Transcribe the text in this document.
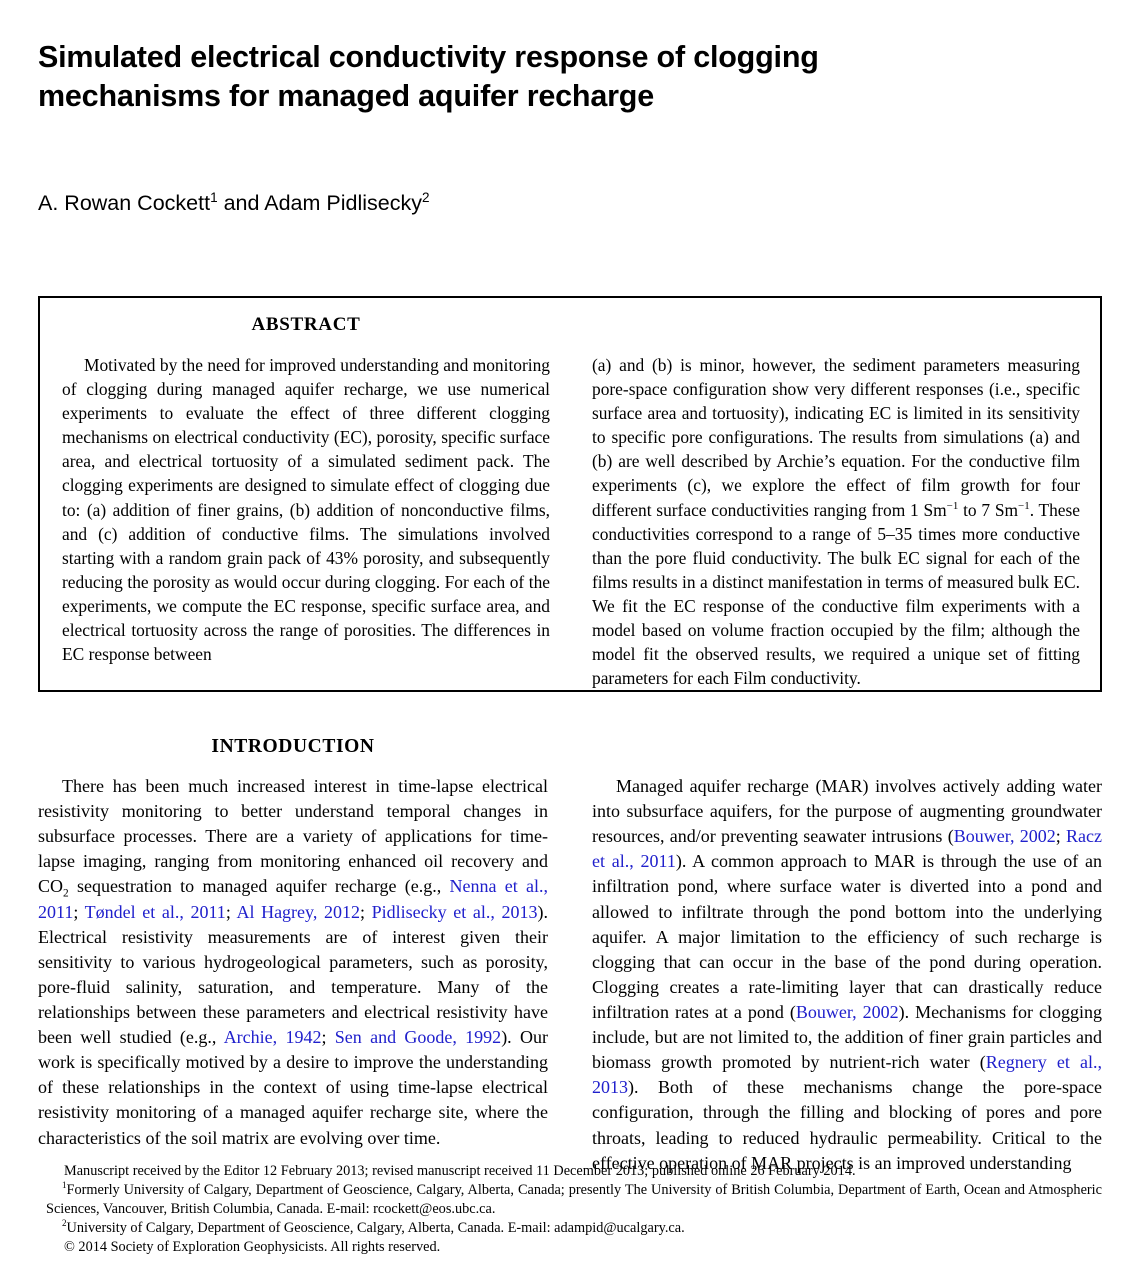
Simulated electrical conductivity response of clogging mechanisms for managed aquifer recharge

A. Rowan Cockett$^1$ and Adam Pidlisecky$^2$

ABSTRACT

Motivated by the need for improved understanding and monitoring of clogging during managed aquifer recharge, we use numerical experiments to evaluate the effect of three different clogging mechanisms on electrical conductivity (EC), porosity, specific surface area, and electrical tortuosity of a simulated sediment pack. The clogging experiments are designed to simulate effect of clogging due to: (a) addition of finer grains, (b) addition of nonconductive films, and (c) addition of conductive films. The simulations involved starting with a random grain pack of 43% porosity, and subsequently reducing the porosity as would occur during clogging. For each of the experiments, we compute the EC response, specific surface area, and electrical tortuosity across the range of porosities. The differences in EC response between

(a) and (b) is minor, however, the sediment parameters measuring pore-space configuration show very different responses (i.e., specific surface area and tortuosity), indicating EC is limited in its sensitivity to specific pore configurations. The results from simulations (a) and (b) are well described by Archie’s equation. For the conductive film experiments (c), we explore the effect of film growth for four different surface conductivities ranging from 1 $Sm^{-1}$ to 7 $Sm^{-1}$. These conductivities correspond to a range of 5–35 times more conductive than the pore fluid conductivity. The bulk EC signal for each of the films results in a distinct manifestation in terms of measured bulk EC. We fit the EC response of the conductive film experiments with a model based on volume fraction occupied by the film; although the model fit the observed results, we required a unique set of fitting parameters for each Film conductivity.

INTRODUCTION

There has been much increased interest in time-lapse electrical resistivity monitoring to better understand temporal changes in subsurface processes. There are a variety of applications for time-lapse imaging, ranging from monitoring enhanced oil recovery and $CO_2$ sequestration to managed aquifer recharge (e.g., Nenna et al., 2011; Tøndel et al., 2011; Al Hagrey, 2012; Pidlisecky et al., 2013). Electrical resistivity measurements are of interest given their sensitivity to various hydrogeological parameters, such as porosity, pore-fluid salinity, saturation, and temperature. Many of the relationships between these parameters and electrical resistivity have been well studied (e.g., Archie, 1942; Sen and Goode, 1992). Our work is specifically motived by a desire to improve the understanding of these relationships in the context of using time-lapse electrical resistivity monitoring of a managed aquifer recharge site, where the characteristics of the soil matrix are evolving over time.

Managed aquifer recharge (MAR) involves actively adding water into subsurface aquifers, for the purpose of augmenting groundwater resources, and/or preventing seawater intrusions (Bouwer, 2002; Racz et al., 2011). A common approach to MAR is through the use of an infiltration pond, where surface water is diverted into a pond and allowed to infiltrate through the pond bottom into the underlying aquifer. A major limitation to the efficiency of such recharge is clogging that can occur in the base of the pond during operation. Clogging creates a rate-limiting layer that can drastically reduce infiltration rates at a pond (Bouwer, 2002). Mechanisms for clogging include, but are not limited to, the addition of finer grain particles and biomass growth promoted by nutrient-rich water (Regnery et al., 2013). Both of these mechanisms change the pore-space configuration, through the filling and blocking of pores and pore throats, leading to reduced hydraulic permeability. Critical to the effective operation of MAR projects is an improved understanding

Manuscript received by the Editor 12 February 2013; revised manuscript received 11 December 2013; published online 26 February 2014.

$^1$Formerly University of Calgary, Department of Geoscience, Calgary, Alberta, Canada; presently The University of British Columbia, Department of Earth, Ocean and Atmospheric Sciences, Vancouver, British Columbia, Canada. E-mail: rcockett@eos.ubc.ca.

$^2$University of Calgary, Department of Geoscience, Calgary, Alberta, Canada. E-mail: adampid@ucalgary.ca.

© 2014 Society of Exploration Geophysicists. All rights reserved.
